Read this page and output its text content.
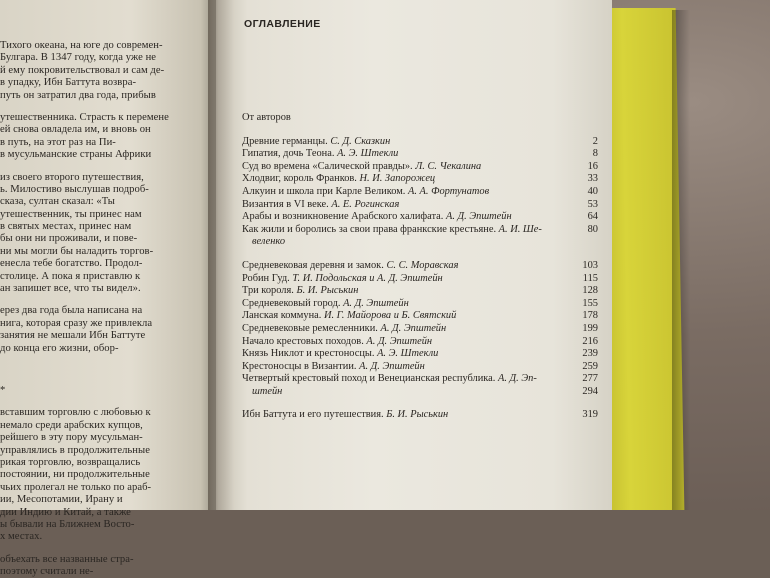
Тихого океана, на юге до современ-
Булгара. В 1347 году, когда уже не
й ему покровительствовал и сам де-
в упадку, Ибн Баттута возвра-
путь он затратил два года, прибыв
утешественника. Страсть к перемене
ей снова овладела им, и вновь он
в путь, на этот раз на Пи-
в мусульманские страны Африки
из своего второго путешествия,
ь. Милостиво выслушав подроб-
сказа, султан сказал: «Ты
утешественник, ты принес нам
в святых местах, принес нам
бы они ни проживали, и пове-
ни мы могли бы наладить торгов-
енесла тебе богатство. Продол-
столице. А пока я приставлю к
ан запишет все, что ты видел».
ерез два года была написана на
нига, которая сразу же привлекла
занятия не мешали Ибн Баттуте
до конца его жизни, обор-
*
вставшим торговлю с любовью к
немало среди арабских купцов,
рейшего в эту пору мусульман-
управлялись в продолжительные
рикая торговлю, возвращались
постоянии, ни продолжительные
чьих пролегал не только по араб-
ии, Месопотамии, Ирану и
дии Индию и Китай, а также
ы бывали на Ближнем Восто-
х местах.
объехать все названные стра-
поэтому считали не-
ОГЛАВЛЕНИЕ
От авторов
Древние германцы. С. Д. Сказкин	2
Гипатия, дочь Теона. А. Э. Штекли	8
Суд во времена «Салической правды». Л. С. Чекалина	16
Хлодвиг, король Франков. Н. И. Запорожец	33
Алкуин и школа при Карле Великом. А. А. Фортунатов	40
Византия в VI веке. А. Е. Рогинская	53
Арабы и возникновение Арабского халифата. А. Д. Эпштейн	64
Как жили и боролись за свои права франкские крестьяне. А. И. Ше-	80
веленко
Средневековая деревня и замок. С. С. Моравская	103
Робин Гуд. Т. И. Подольская и А. Д. Эпштейн	115
Три короля. Б. И. Рыськин	128
Средневековый город. А. Д. Эпштейн	155
Ланская коммуна. И. Г. Майорова и Б. Святский	178
Средневековые ремесленники. А. Д. Эпштейн	199
Начало крестовых походов. А. Д. Эпштейн	216
Князь Никлот и крестоносцы. А. Э. Штекли	239
Крестоносцы в Византии. А. Д. Эпштейн	259
Четвертый крестовый поход и Венецианская республика. А. Д. Эп-	277
штейн	294
Ибн Баттута и его путешествия. Б. И. Рыськин	319
